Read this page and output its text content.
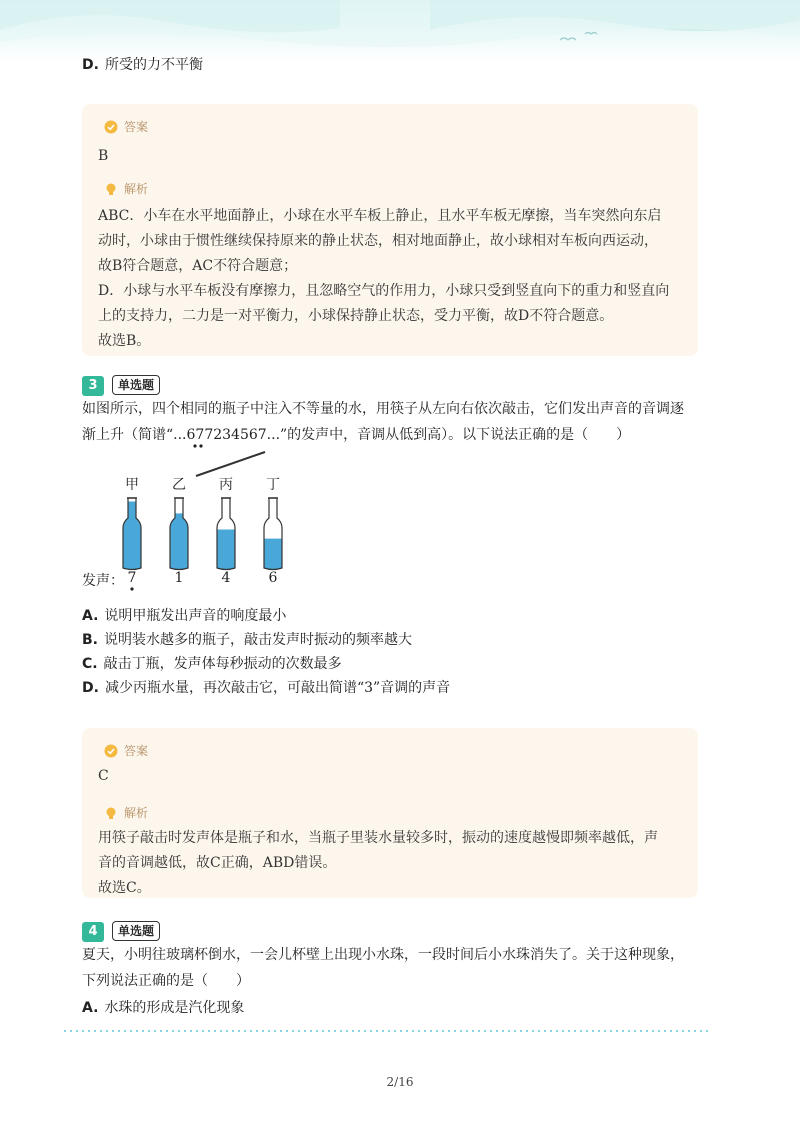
D. 所受的力不平衡
答案
B
解析

ABC．小车在水平地面静止，小球在水平车板上静止，且水平车板无摩擦，当车突然向东启

动时，小球由于惯性继续保持原来的静止状态，相对地面静止，故小球相对车板向西运动，

故B符合题意，AC不符合题意；

D．小球与水平车板没有摩擦力，且忽略空气的作用力，小球只受到竖直向下的重力和竖直向

上的支持力，二力是一对平衡力，小球保持静止状态，受力平衡，故D不符合题意。

故选B。

3	单选题

如图所示，四个相同的瓶子中注入不等量的水，用筷子从左向右依次敲击，它们发出声音的音调逐

渐上升（简谱“...677234567...”的发声中，音调从低到高）。以下说法正确的是（　　）

甲	乙	丙	丁
发声： 7	1	4	6
A. 说明甲瓶发出声音的响度最小
B. 说明装水越多的瓶子，敲击发声时振动的频率越大
C. 敲击丁瓶，发声体每秒振动的次数最多
D. 减少丙瓶水量，再次敲击它，可敲出简谱“3”音调的声音
答案
C
解析

用筷子敲击时发声体是瓶子和水，当瓶子里装水量较多时，振动的速度越慢即频率越低，声

音的音调越低，故C正确，ABD错误。

故选C。

4	单选题

夏天，小明往玻璃杯倒水，一会儿杯壁上出现小水珠，一段时间后小水珠消失了。关于这种现象，

下列说法正确的是（　　）

A. 水珠的形成是汽化现象
2/16
